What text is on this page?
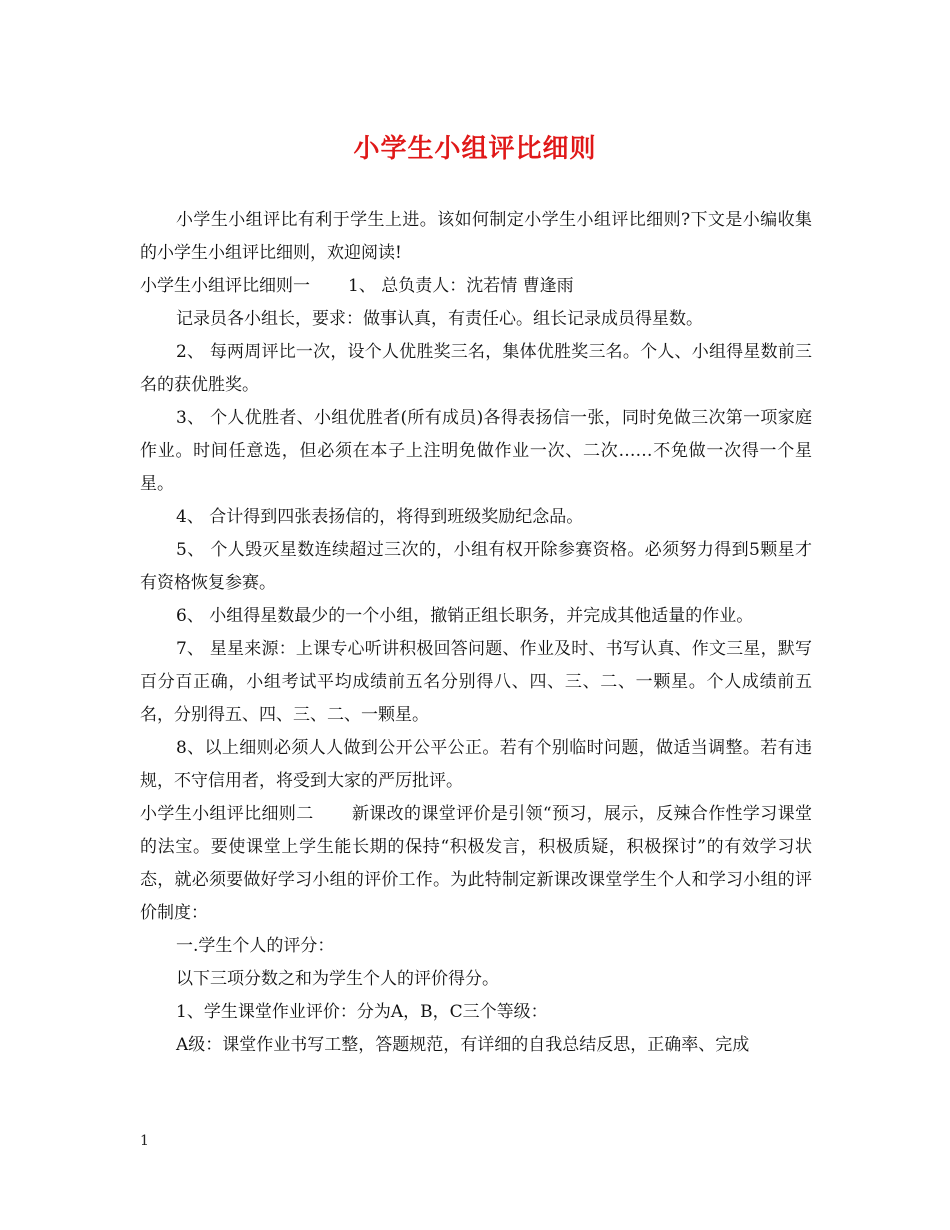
小学生小组评比细则

小学生小组评比有利于学生上进。该如何制定小学生小组评比细则?下文是小编收集的小学生小组评比细则，欢迎阅读!

小学生小组评比细则一 1、 总负责人：沈若情 曹逢雨

记录员各小组长，要求：做事认真，有责任心。组长记录成员得星数。

2、 每两周评比一次，设个人优胜奖三名，集体优胜奖三名。个人、小组得星数前三名的获优胜奖。

3、 个人优胜者、小组优胜者(所有成员)各得表扬信一张，同时免做三次第一项家庭作业。时间任意选，但必须在本子上注明免做作业一次、二次……不免做一次得一个星星。

4、 合计得到四张表扬信的，将得到班级奖励纪念品。

5、 个人毁灭星数连续超过三次的，小组有权开除参赛资格。必须努力得到5颗星才有资格恢复参赛。

6、 小组得星数最少的一个小组，撤销正组长职务，并完成其他适量的作业。

7、 星星来源：上课专心听讲积极回答问题、作业及时、书写认真、作文三星，默写百分百正确，小组考试平均成绩前五名分别得八、四、三、二、一颗星。个人成绩前五名，分别得五、四、三、二、一颗星。

8、以上细则必须人人做到公开公平公正。若有个别临时问题，做适当调整。若有违规，不守信用者，将受到大家的严厉批评。

小学生小组评比细则二 新课改的课堂评价是引领“预习，展示，反辣合作性学习课堂的法宝。要使课堂上学生能长期的保持“积极发言，积极质疑，积极探讨”的有效学习状态，就必须要做好学习小组的评价工作。为此特制定新课改课堂学生个人和学习小组的评价制度：

一.学生个人的评分：

以下三项分数之和为学生个人的评价得分。

1、学生课堂作业评价：分为A，B，C三个等级：

A级：课堂作业书写工整，答题规范，有详细的自我总结反思，正确率、完成

1
